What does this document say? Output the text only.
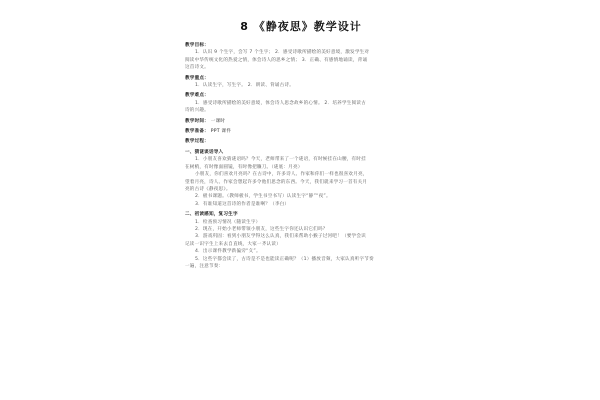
8 《静夜思》教学设计
教学目标：
1．认识 9 个生字，会写 7 个生字； 2．感受诗歌所描绘的美好意境，激发学生对
阅读中华传统文化的热爱之情，体会诗人的思乡之情； 3．正确、有感情地诵读，背诵
这首诗文。
教学重点：
1．认读生字，写生字。 2．朗读、背诵古诗。
教学难点：
1．感受诗歌所描绘的美好意境，体会诗人思念故乡的心情。 2．培养学生阅读古
诗的兴趣。
教学时间： 一课时
教学准备： PPT 课件
教学过程：
一、猜谜谈话导入
1．小朋友喜欢猜谜语吗？今天，老师带来了一个谜语，有时候挂在山腰，有时挂
在树梢，有时像面圆镜，有时像把镰刀。（谜底：月亮）
小朋友，你们喜欢月亮吗？在古诗中，许多诗人、作家和你们一样也很喜欢月亮，
望着月亮，诗人、作家会想起许多令他们思念的东西。今天，我们就来学习一首有关月
亮的古诗《静夜思》。
2．板书课题。（教师板书，学生书空书写）认读生字“静”“夜”。
3．有谁知道这首诗的作者是谁啊？（李白）
二、初读感知，复习生字
1．检查预习情况（随读生字）
2．现在，开始小老师带领小朋友，这些生字你还认识它们吗？
3．游戏巩固：看到小朋友学得这么认真，我们来帮助小猴子过河吧！（要学会识
记读一识字生上来去自直线，大家一齐认读）
4．出示课件教学新偏旁“夂”。
5．这些字都会读了，古诗是不是也能读正确呢？（1）播放音频，大家认真听字节奏
一遍，注意节奏：
